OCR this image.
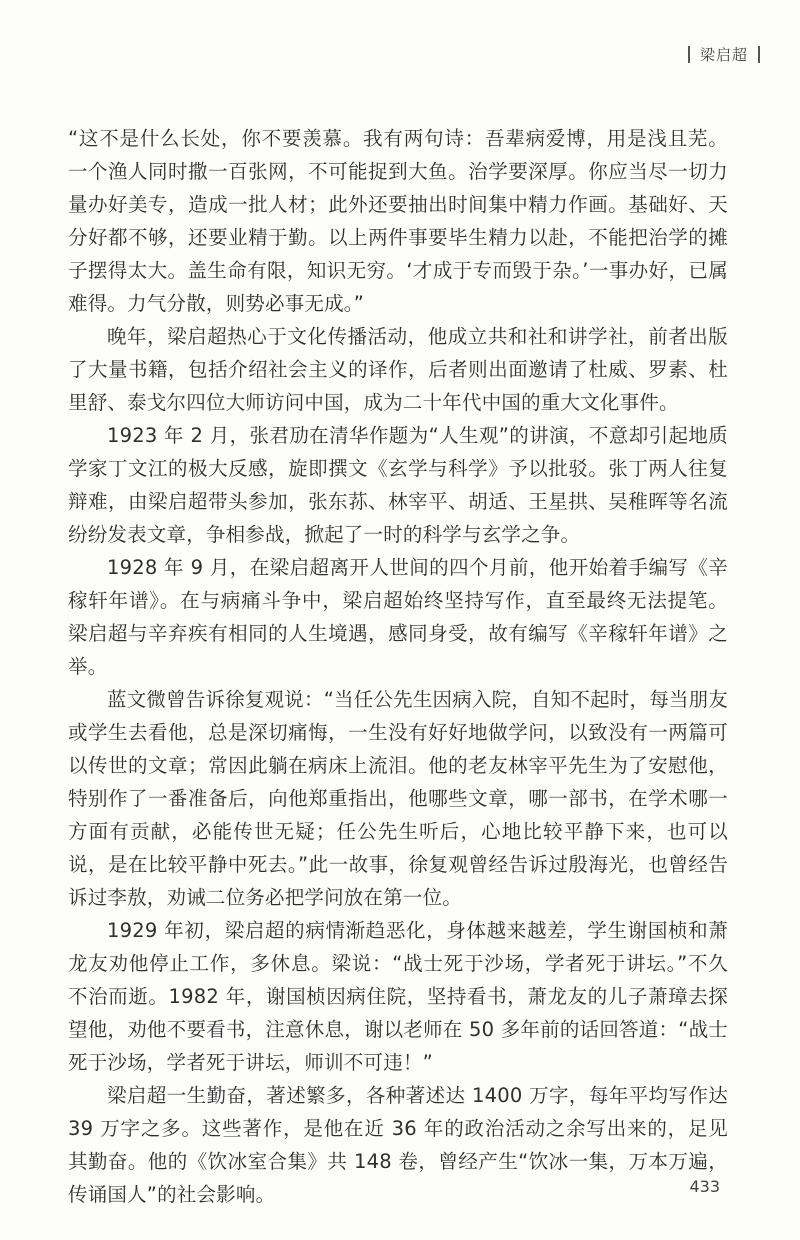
梁启超

“这不是什么长处，你不要羡慕。我有两句诗：吾辈病爱博，用是浅且芜。一个渔人同时撒一百张网，不可能捉到大鱼。治学要深厚。你应当尽一切力量办好美专，造成一批人材；此外还要抽出时间集中精力作画。基础好、天分好都不够，还要业精于勤。以上两件事要毕生精力以赴，不能把治学的摊子摆得太大。盖生命有限，知识无穷。‘才成于专而毁于杂。’一事办好，已属难得。力气分散，则势必事无成。”

晚年，梁启超热心于文化传播活动，他成立共和社和讲学社，前者出版了大量书籍，包括介绍社会主义的译作，后者则出面邀请了杜威、罗素、杜里舒、泰戈尔四位大师访问中国，成为二十年代中国的重大文化事件。

1923 年 2 月，张君劢在清华作题为“人生观”的讲演，不意却引起地质学家丁文江的极大反感，旋即撰文《玄学与科学》予以批驳。张丁两人往复辩难，由梁启超带头参加，张东荪、林宰平、胡适、王星拱、吴稚晖等名流纷纷发表文章，争相参战，掀起了一时的科学与玄学之争。

1928 年 9 月，在梁启超离开人世间的四个月前，他开始着手编写《辛稼轩年谱》。在与病痛斗争中，梁启超始终坚持写作，直至最终无法提笔。梁启超与辛弃疾有相同的人生境遇，感同身受，故有编写《辛稼轩年谱》之举。

蓝文微曾告诉徐复观说：“当任公先生因病入院，自知不起时，每当朋友或学生去看他，总是深切痛悔，一生没有好好地做学问，以致没有一两篇可以传世的文章；常因此躺在病床上流泪。他的老友林宰平先生为了安慰他，特别作了一番准备后，向他郑重指出，他哪些文章，哪一部书，在学术哪一方面有贡献，必能传世无疑；任公先生听后，心地比较平静下来，也可以说，是在比较平静中死去。”此一故事，徐复观曾经告诉过殷海光，也曾经告诉过李敖，劝诫二位务必把学问放在第一位。

1929 年初，梁启超的病情渐趋恶化，身体越来越差，学生谢国桢和萧龙友劝他停止工作，多休息。梁说：“战士死于沙场，学者死于讲坛。”不久不治而逝。1982 年，谢国桢因病住院，坚持看书，萧龙友的儿子萧璋去探望他，劝他不要看书，注意休息，谢以老师在 50 多年前的话回答道：“战士死于沙场，学者死于讲坛，师训不可违！”

梁启超一生勤奋，著述繁多，各种著述达 1400 万字，每年平均写作达 39 万字之多。这些著作，是他在近 36 年的政治活动之余写出来的，足见其勤奋。他的《饮冰室合集》共 148 卷，曾经产生“饮冰一集，万本万遍，传诵国人”的社会影响。	433
